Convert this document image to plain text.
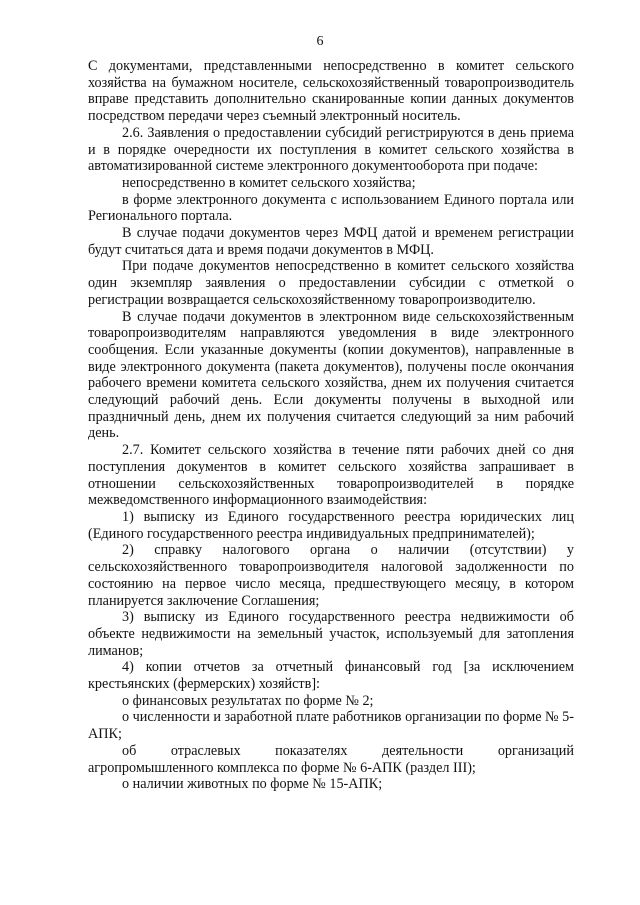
6

С документами, представленными непосредственно в комитет сельского хозяйства на бумажном носителе, сельскохозяйственный товаропроизводитель вправе представить дополнительно сканированные копии данных документов посредством передачи через съемный электронный носитель.

2.6. Заявления о предоставлении субсидий регистрируются в день приема и в порядке очередности их поступления в комитет сельского хозяйства в автоматизированной системе электронного документооборота при подаче:

непосредственно в комитет сельского хозяйства;

в форме электронного документа с использованием Единого портала или Регионального портала.

В случае подачи документов через МФЦ датой и временем регистрации будут считаться дата и время подачи документов в МФЦ.

При подаче документов непосредственно в комитет сельского хозяйства один экземпляр заявления о предоставлении субсидии с отметкой о регистрации возвращается сельскохозяйственному товаропроизводителю.

В случае подачи документов в электронном виде сельскохозяйственным товаропроизводителям направляются уведомления в виде электронного сообщения. Если указанные документы (копии документов), направленные в виде электронного документа (пакета документов), получены после окончания рабочего времени комитета сельского хозяйства, днем их получения считается следующий рабочий день. Если документы получены в выходной или праздничный день, днем их получения считается следующий за ним рабочий день.

2.7. Комитет сельского хозяйства в течение пяти рабочих дней со дня поступления документов в комитет сельского хозяйства запрашивает в отношении сельскохозяйственных товаропроизводителей в порядке межведомственного информационного взаимодействия:

1) выписку из Единого государственного реестра юридических лиц (Единого государственного реестра индивидуальных предпринимателей);

2) справку налогового органа о наличии (отсутствии) у сельскохозяйственного товаропроизводителя налоговой задолженности по состоянию на первое число месяца, предшествующего месяцу, в котором планируется заключение Соглашения;

3) выписку из Единого государственного реестра недвижимости об объекте недвижимости на земельный участок, используемый для затопления лиманов;

4) копии отчетов за отчетный финансовый год [за исключением крестьянских (фермерских) хозяйств]:

о финансовых результатах по форме № 2;

о численности и заработной плате работников организации по форме № 5-АПК;

об отраслевых показателях деятельности организаций агропромышленного комплекса по форме № 6-АПК (раздел III);

о наличии животных по форме № 15-АПК;
